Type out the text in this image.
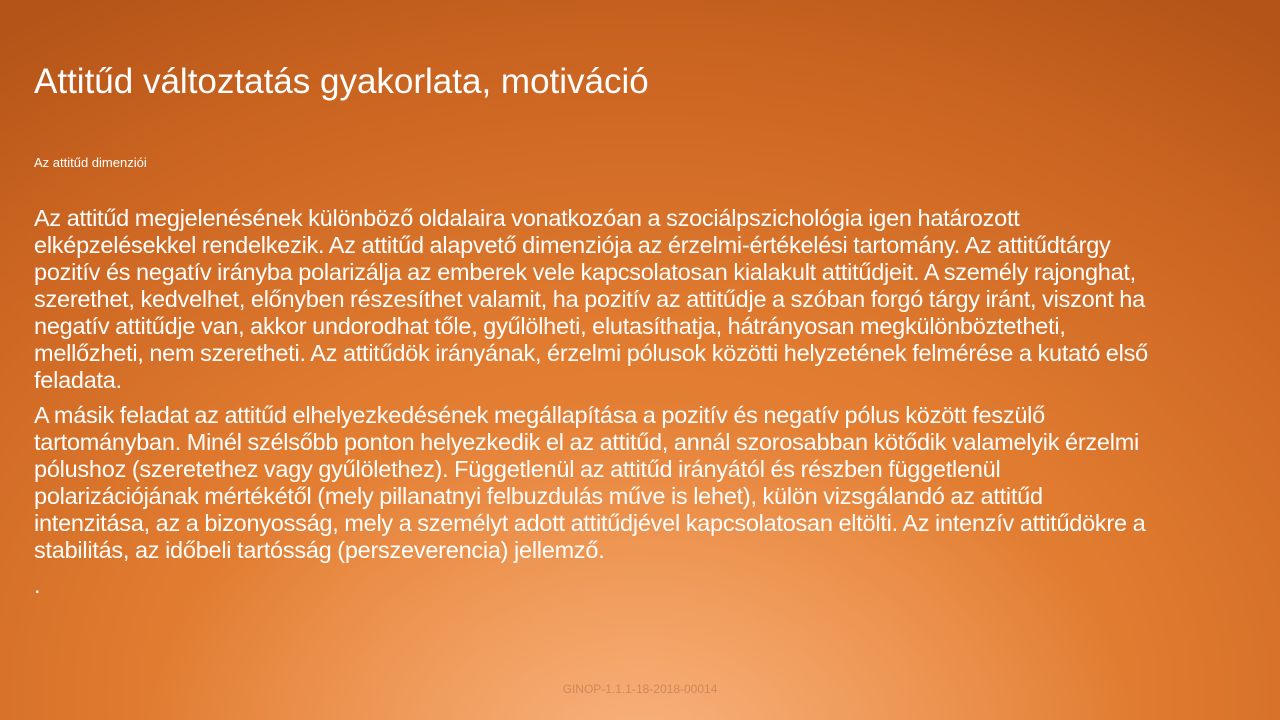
Attitűd változtatás gyakorlata, motiváció
Az attitűd dimenziói

Az attitűd megjelenésének különböző oldalaira vonatkozóan a szociálpszichológia igen határozott elképzelésekkel rendelkezik. Az attitűd alapvető dimenziója az érzelmi-értékelési tartomány. Az attitűdtárgy pozitív és negatív irányba polarizálja az emberek vele kapcsolatosan kialakult attitűdjeit. A személy rajonghat, szerethet, kedvelhet, előnyben részesíthet valamit, ha pozitív az attitűdje a szóban forgó tárgy iránt, viszont ha negatív attitűdje van, akkor undorodhat tőle, gyűlölheti, elutasíthatja, hátrányosan megkülönböztetheti, mellőzheti, nem szeretheti. Az attitűdök irányának, érzelmi pólusok közötti helyzetének felmérése a kutató első feladata.

A másik feladat az attitűd elhelyezkedésének megállapítása a pozitív és negatív pólus között feszülő tartományban. Minél szélsőbb ponton helyezkedik el az attitűd, annál szorosabban kötődik valamelyik érzelmi pólushoz (szeretethez vagy gyűlölethez). Függetlenül az attitűd irányától és részben függetlenül polarizációjának mértékétől (mely pillanatnyi felbuzdulás műve is lehet), külön vizsgálandó az attitűd intenzitása, az a bizonyosság, mely a személyt adott attitűdjével kapcsolatosan eltölti. Az intenzív attitűdökre a stabilitás, az időbeli tartósság (perszeverencia) jellemző.

.

GINOP-1.1.1-18-2018-00014
